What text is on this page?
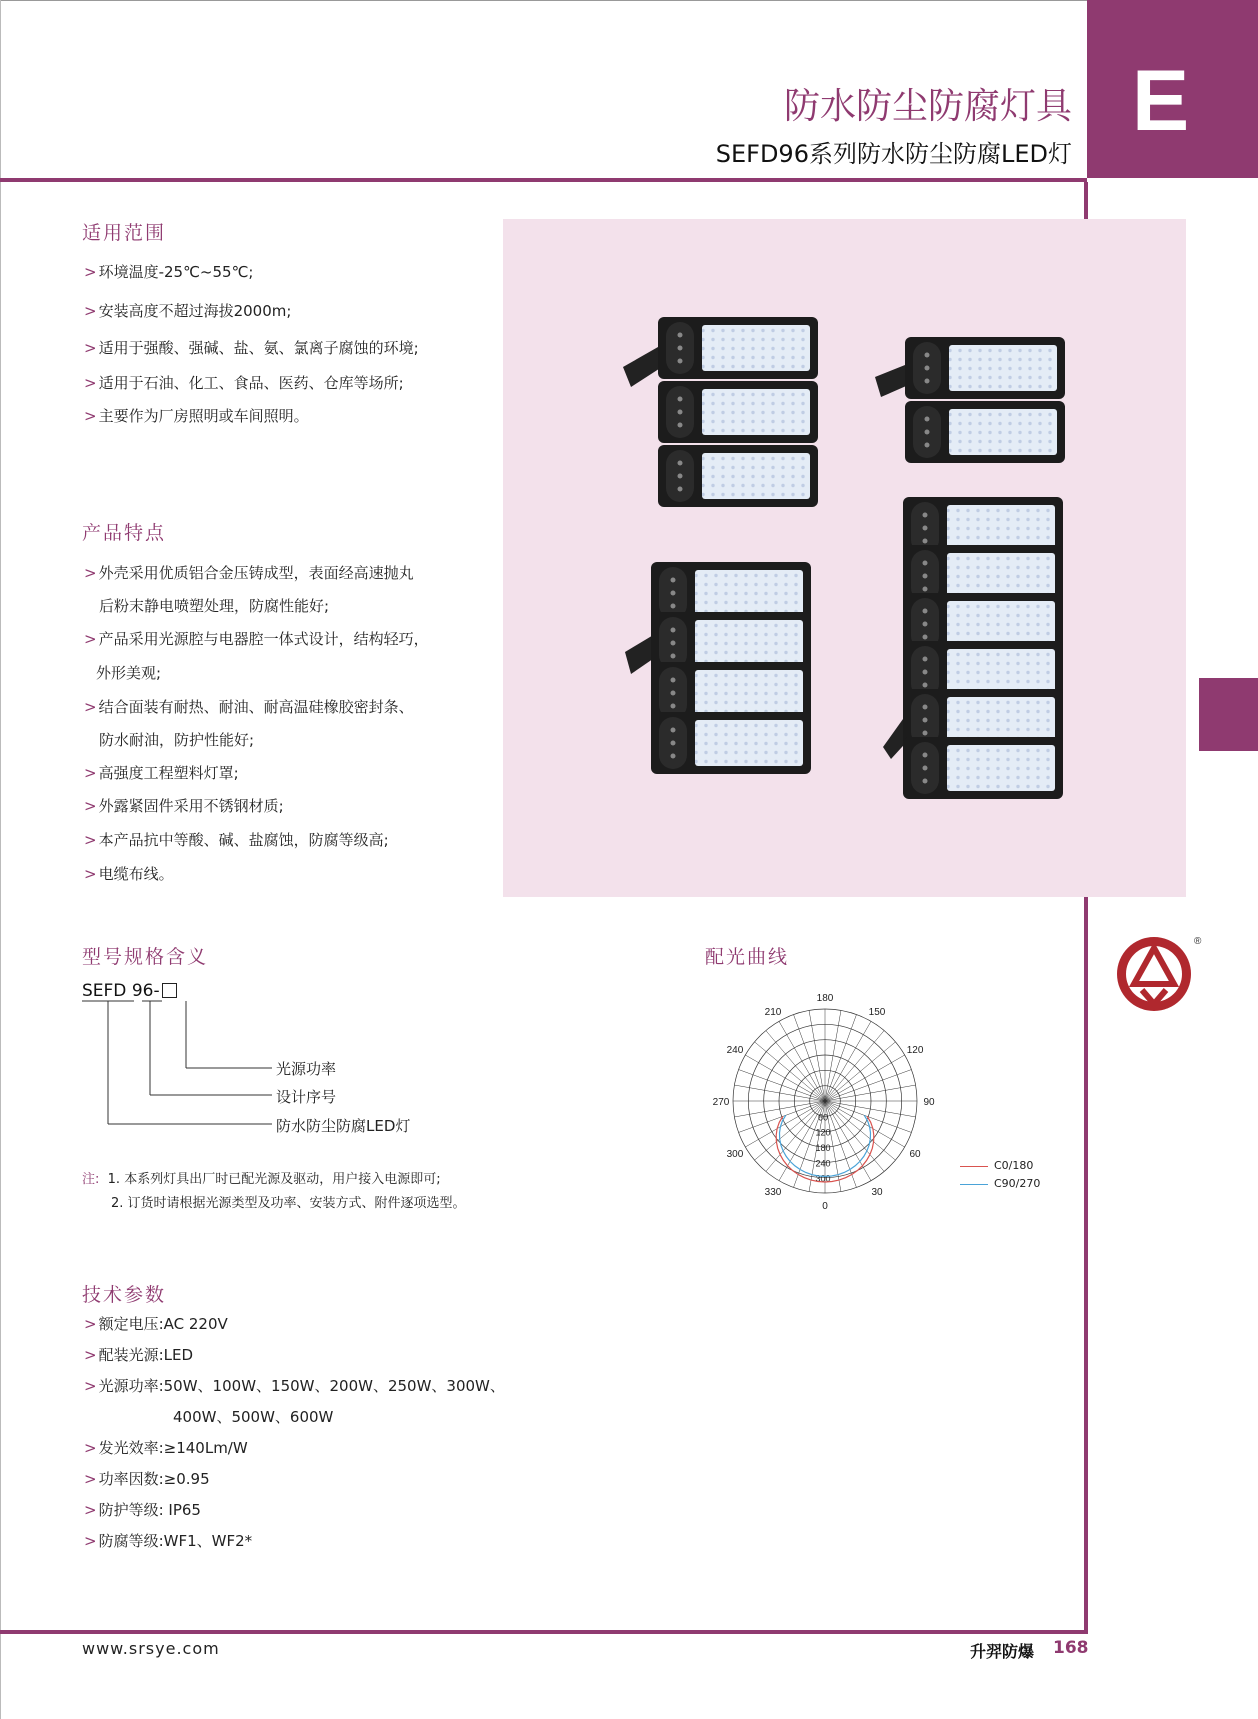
防水防尘防腐灯具
SEFD96系列防水防尘防腐LED灯
E
适用范围
> 环境温度-25℃~55℃;
> 安装高度不超过海拔2000m;
> 适用于强酸、强碱、盐、氨、氯离子腐蚀的环境;
> 适用于石油、化工、食品、医药、仓库等场所;
> 主要作为厂房照明或车间照明。
产品特点
> 外壳采用优质铝合金压铸成型，表面经高速抛丸
后粉末静电喷塑处理，防腐性能好;
> 产品采用光源腔与电器腔一体式设计，结构轻巧，
外形美观;
> 结合面装有耐热、耐油、耐高温硅橡胶密封条、
防水耐油，防护性能好;
> 高强度工程塑料灯罩;
> 外露紧固件采用不锈钢材质;
> 本产品抗中等酸、碱、盐腐蚀，防腐等级高;
> 电缆布线。
型号规格含义
SEFD 96-
光源功率
设计序号
防水防尘防腐LED灯
注: 1. 本系列灯具出厂时已配光源及驱动，用户接入电源即可;
2. 订货时请根据光源类型及功率、安装方式、附件逐项选型。
配光曲线
180
150
120
90
60
30
0
330
300
270
240
210
60
120
180
240
300
C0/180
C90/270
®
技术参数
> 额定电压:AC 220V
> 配装光源:LED
> 光源功率:50W、100W、150W、200W、250W、300W、
400W、500W、600W
> 发光效率:≥140Lm/W
> 功率因数:≥0.95
> 防护等级: IP65
> 防腐等级:WF1、WF2*
www.srsye.com	升羿防爆 168
